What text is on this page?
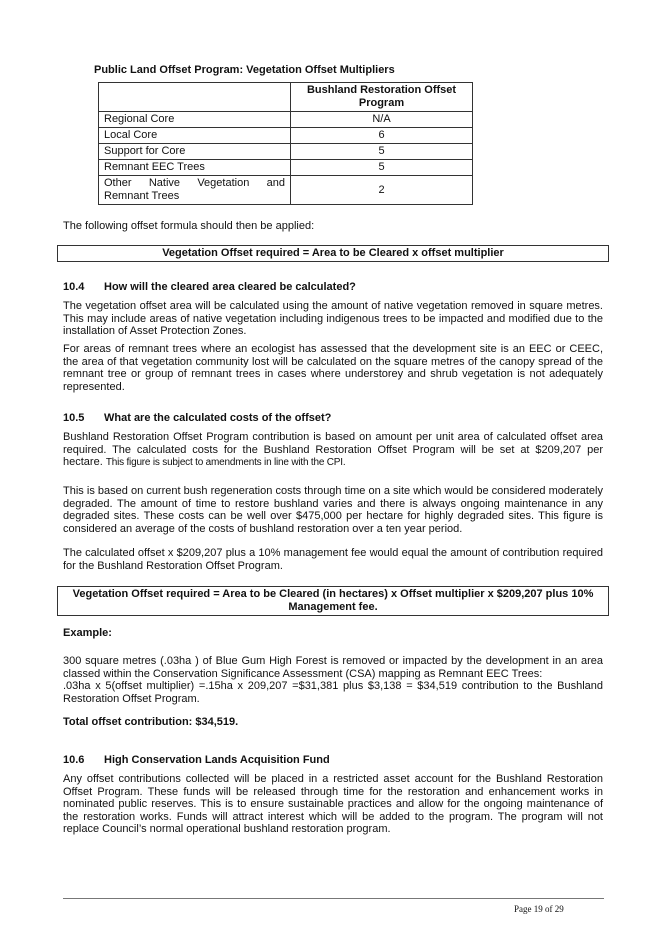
Public Land Offset Program: Vegetation Offset Multipliers
	Bushland Restoration Offset Program
Regional Core	N/A
Local Core	6
Support for Core	5
Remnant EEC Trees	5
Other Native Vegetation and Remnant Trees	2
The following offset formula should then be applied:
Vegetation Offset required = Area to be Cleared x offset multiplier
10.4 How will the cleared area cleared be calculated?
The vegetation offset area will be calculated using the amount of native vegetation removed in square metres. This may include areas of native vegetation including indigenous trees to be impacted and modified due to the installation of Asset Protection Zones.
For areas of remnant trees where an ecologist has assessed that the development site is an EEC or CEEC, the area of that vegetation community lost will be calculated on the square metres of the canopy spread of the remnant tree or group of remnant trees in cases where understorey and shrub vegetation is not adequately represented.
10.5 What are the calculated costs of the offset?
Bushland Restoration Offset Program contribution is based on amount per unit area of calculated offset area required. The calculated costs for the Bushland Restoration Offset Program will be set at $209,207 per hectare. This figure is subject to amendments in line with the CPI.
This is based on current bush regeneration costs through time on a site which would be considered moderately degraded. The amount of time to restore bushland varies and there is always ongoing maintenance in any degraded sites. These costs can be well over $475,000 per hectare for highly degraded sites. This figure is considered an average of the costs of bushland restoration over a ten year period.
The calculated offset x $209,207 plus a 10% management fee would equal the amount of contribution required for the Bushland Restoration Offset Program.
Vegetation Offset required = Area to be Cleared (in hectares) x Offset multiplier x $209,207 plus 10% Management fee.
Example:
300 square metres (.03ha ) of Blue Gum High Forest is removed or impacted by the development in an area classed within the Conservation Significance Assessment (CSA) mapping as Remnant EEC Trees:
.03ha x 5(offset multiplier) =.15ha x 209,207 =$31,381 plus $3,138 = $34,519 contribution to the Bushland Restoration Offset Program.
Total offset contribution: $34,519.
10.6 High Conservation Lands Acquisition Fund
Any offset contributions collected will be placed in a restricted asset account for the Bushland Restoration Offset Program. These funds will be released through time for the restoration and enhancement works in nominated public reserves. This is to ensure sustainable practices and allow for the ongoing maintenance of the restoration works. Funds will attract interest which will be added to the program. The program will not replace Council’s normal operational bushland restoration program.
Page 19 of 29
